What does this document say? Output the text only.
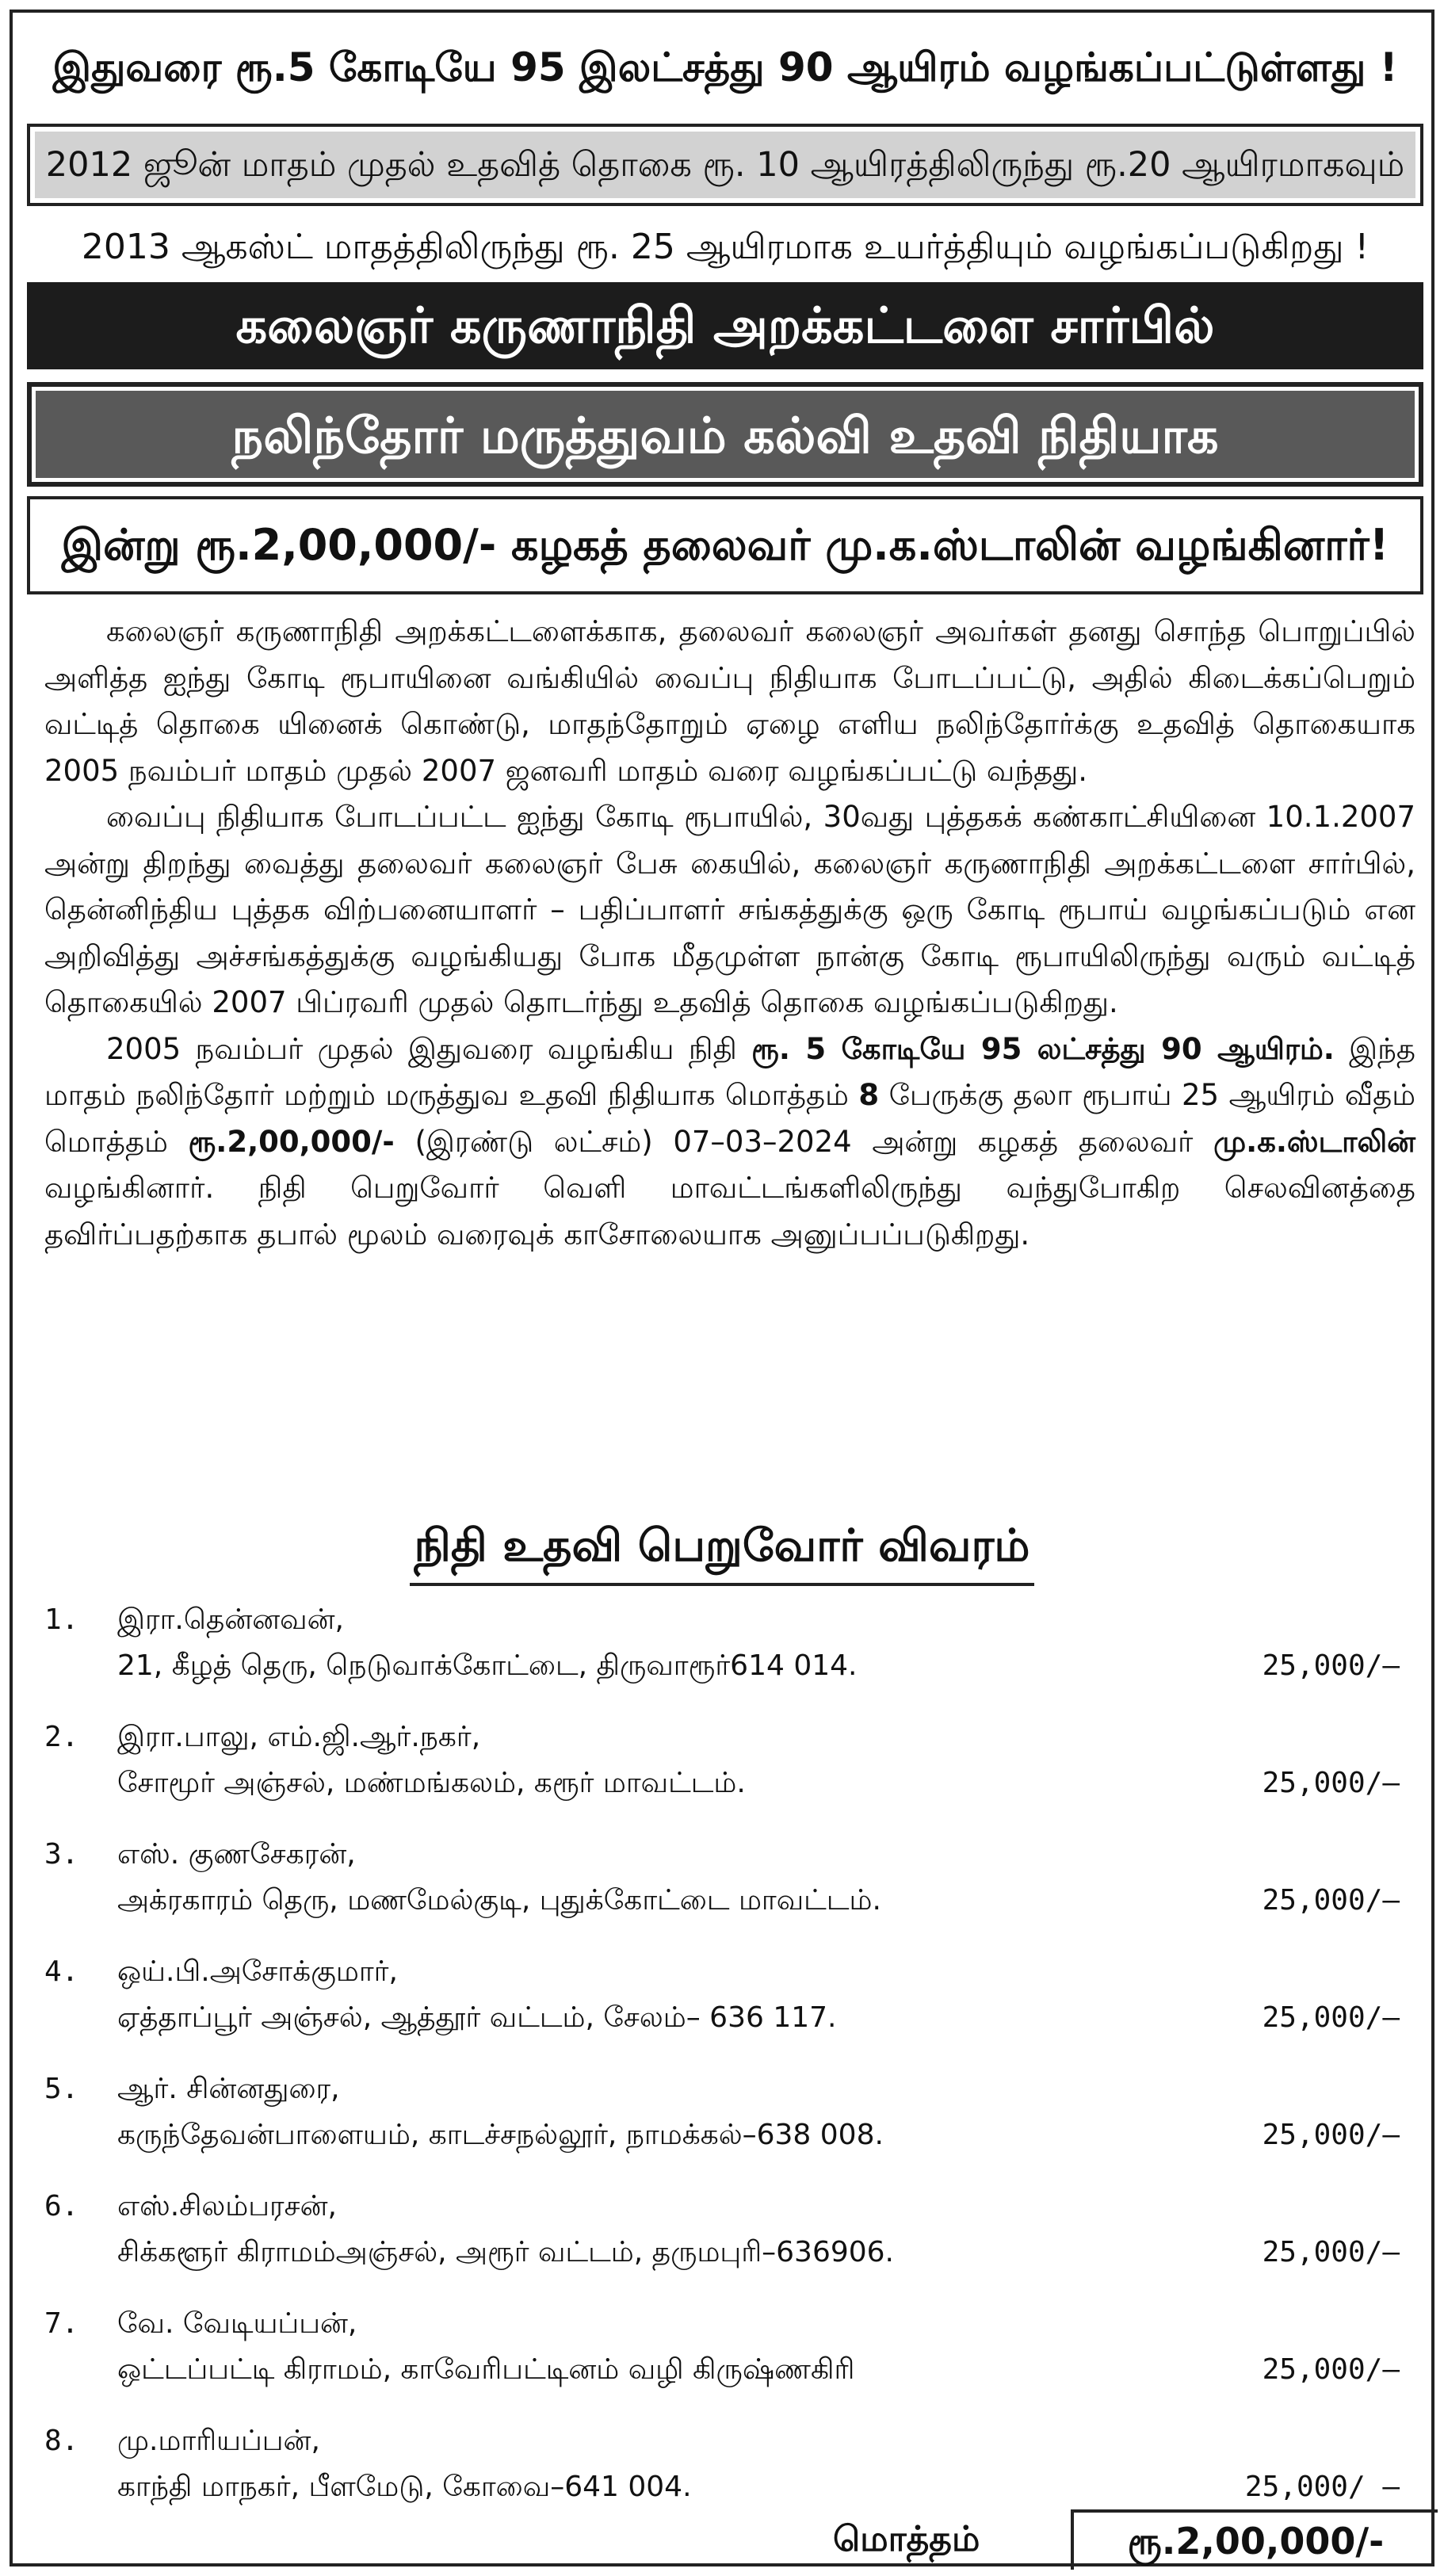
இதுவரை ரூ.5 கோடியே 95 இலட்சத்து 90 ஆயிரம் வழங்கப்பட்டுள்ளது !
2012 ஜூன் மாதம் முதல் உதவித் தொகை ரூ. 10 ஆயிரத்திலிருந்து ரூ.20 ஆயிரமாகவும்
2013 ஆகஸ்ட் மாதத்திலிருந்து ரூ. 25 ஆயிரமாக உயர்த்தியும் வழங்கப்படுகிறது !
கலைஞர் கருணாநிதி அறக்கட்டளை சார்பில்
நலிந்தோர் மருத்துவம் கல்வி உதவி நிதியாக
இன்று ரூ.2,00,000/- கழகத் தலைவர் மு.க.ஸ்டாலின் வழங்கினார்!

கலைஞர் கருணாநிதி அறக்கட்டளைக்காக, தலைவர் கலைஞர் அவர்கள் தனது சொந்த பொறுப்பில் அளித்த ஐந்து கோடி ரூபாயினை வங்கியில் வைப்பு நிதியாக போடப்பட்டு, அதில் கிடைக்கப்பெறும் வட்டித் தொகை யினைக் கொண்டு, மாதந்தோறும் ஏழை எளிய நலிந்தோர்க்கு உதவித் தொகையாக 2005 நவம்பர் மாதம் முதல் 2007 ஜனவரி மாதம் வரை வழங்கப்பட்டு வந்தது.

வைப்பு நிதியாக போடப்பட்ட ஐந்து கோடி ரூபாயில், 30வது புத்தகக் கண்காட்சியினை 10.1.2007 அன்று திறந்து வைத்து தலைவர் கலைஞர் பேசு கையில், கலைஞர் கருணாநிதி அறக்கட்டளை சார்பில், தென்னிந்திய புத்தக விற்பனையாளர் – பதிப்பாளர் சங்கத்துக்கு ஒரு கோடி ரூபாய் வழங்கப்படும் என அறிவித்து அச்சங்கத்துக்கு வழங்கியது போக மீதமுள்ள நான்கு கோடி ரூபாயிலிருந்து வரும் வட்டித் தொகையில் 2007 பிப்ரவரி முதல் தொடர்ந்து உதவித் தொகை வழங்கப்படுகிறது.

2005 நவம்பர் முதல் இதுவரை வழங்கிய நிதி ரூ. 5 கோடியே 95 லட்சத்து 90 ஆயிரம். இந்த மாதம் நலிந்தோர் மற்றும் மருத்துவ உதவி நிதியாக மொத்தம் 8 பேருக்கு தலா ரூபாய் 25 ஆயிரம் வீதம் மொத்தம் ரூ.2,00,000/- (இரண்டு லட்சம்) 07–03–2024 அன்று கழகத் தலைவர் மு.க.ஸ்டாலின் வழங்கினார். நிதி பெறுவோர் வெளி மாவட்டங்களிலிருந்து வந்துபோகிற செலவினத்தை தவிர்ப்பதற்காக தபால் மூலம் வரைவுக் காசோலையாக அனுப்பப்படுகிறது.

நிதி உதவி பெறுவோர் விவரம்
1. இரா.தென்னவன்,
21, கீழத் தெரு, நெடுவாக்கோட்டை, திருவாரூர்614 014.	25,000/–
2. இரா.பாலு, எம்.ஜி.ஆர்.நகர்,
சோமூர் அஞ்சல், மண்மங்கலம், கரூர் மாவட்டம்.	25,000/–
3. எஸ். குணசேகரன்,
அக்ரகாரம் தெரு, மணமேல்குடி, புதுக்கோட்டை மாவட்டம்.	25,000/–
4. ஒய்.பி.அசோக்குமார்,
ஏத்தாப்பூர் அஞ்சல், ஆத்தூர் வட்டம், சேலம்– 636 117.	25,000/–
5. ஆர். சின்னதுரை,
கருந்தேவன்பாளையம், காடச்சநல்லூர், நாமக்கல்–638 008.	25,000/–
6. எஸ்.சிலம்பரசன்,
சிக்களூர் கிராமம்அஞ்சல், அரூர் வட்டம், தருமபுரி–636906.	25,000/–
7. வே. வேடியப்பன்,
ஒட்டப்பட்டி கிராமம், காவேரிபட்டினம் வழி கிருஷ்ணகிரி	25,000/–
8. மு.மாரியப்பன்,
காந்தி மாநகர், பீளமேடு, கோவை–641 004.	25,000/ –
மொத்தம்	ரூ.2,00,000/-
